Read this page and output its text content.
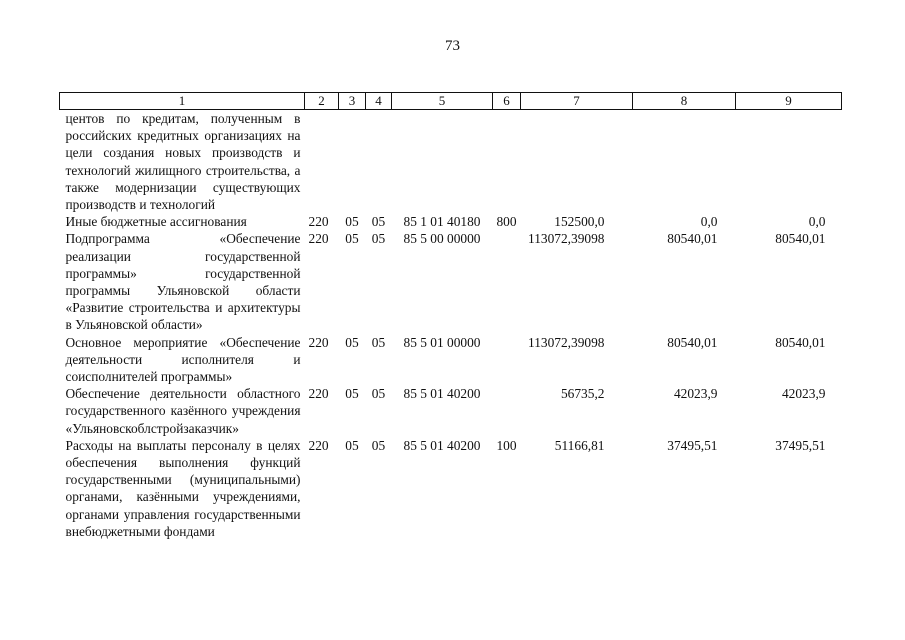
73
1	2	3	4	5	6	7	8	9
центов по кредитам, полученным в российских кредитных организациях на цели создания новых производств и технологий жилищного строительства, а также модернизации существующих производств и технологий								
Иные бюджетные ассигнования	220	05	05	85 1 01 40180	800	152500,0	0,0	0,0
Подпрограмма «Обеспечение реализации государственной программы» государственной программы Ульяновской области «Развитие строительства и архитектуры в Ульяновской области»	220	05	05	85 5 00 00000		113072,39098	80540,01	80540,01
Основное мероприятие «Обеспечение деятельности исполнителя и соисполнителей программы»	220	05	05	85 5 01 00000		113072,39098	80540,01	80540,01
Обеспечение деятельности областного государственного казённого учреждения «Ульяновскоблстройзаказчик»	220	05	05	85 5 01 40200		56735,2	42023,9	42023,9
Расходы на выплаты персоналу в целях обеспечения выполнения функций государственными (муниципальными) органами, казёнными учреждениями, органами управления государственными внебюджетными фондами	220	05	05	85 5 01 40200	100	51166,81	37495,51	37495,51
